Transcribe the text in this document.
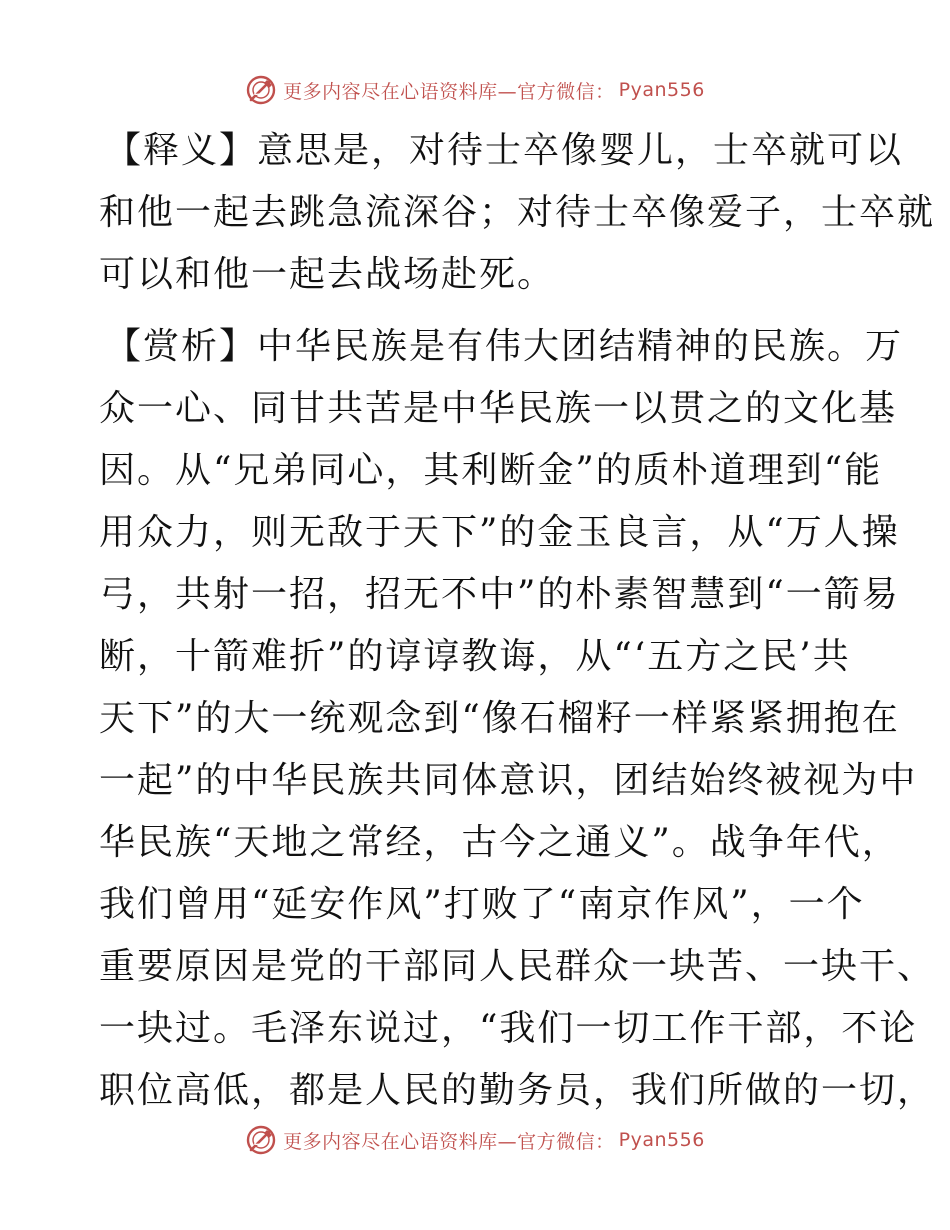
更多内容尽在心语资料库—官方微信： Pyan556

【释义】意思是，对待士卒像婴儿，士卒就可以
和他一起去跳急流深谷；对待士卒像爱子，士卒就
可以和他一起去战场赴死。

【赏析】中华民族是有伟大团结精神的民族。万
众一心、同甘共苦是中华民族一以贯之的文化基
因。从“兄弟同心，其利断金”的质朴道理到“能
用众力，则无敌于天下”的金玉良言，从“万人操
弓，共射一招，招无不中”的朴素智慧到“一箭易
断，十箭难折”的谆谆教诲，从“‘五方之民’共
天下”的大一统观念到“像石榴籽一样紧紧拥抱在
一起”的中华民族共同体意识，团结始终被视为中
华民族“天地之常经，古今之通义”。战争年代，
我们曾用“延安作风”打败了“南京作风”，一个
重要原因是党的干部同人民群众一块苦、一块干、
一块过。毛泽东说过，“我们一切工作干部，不论
职位高低，都是人民的勤务员，我们所做的一切，

更多内容尽在心语资料库—官方微信： Pyan556
